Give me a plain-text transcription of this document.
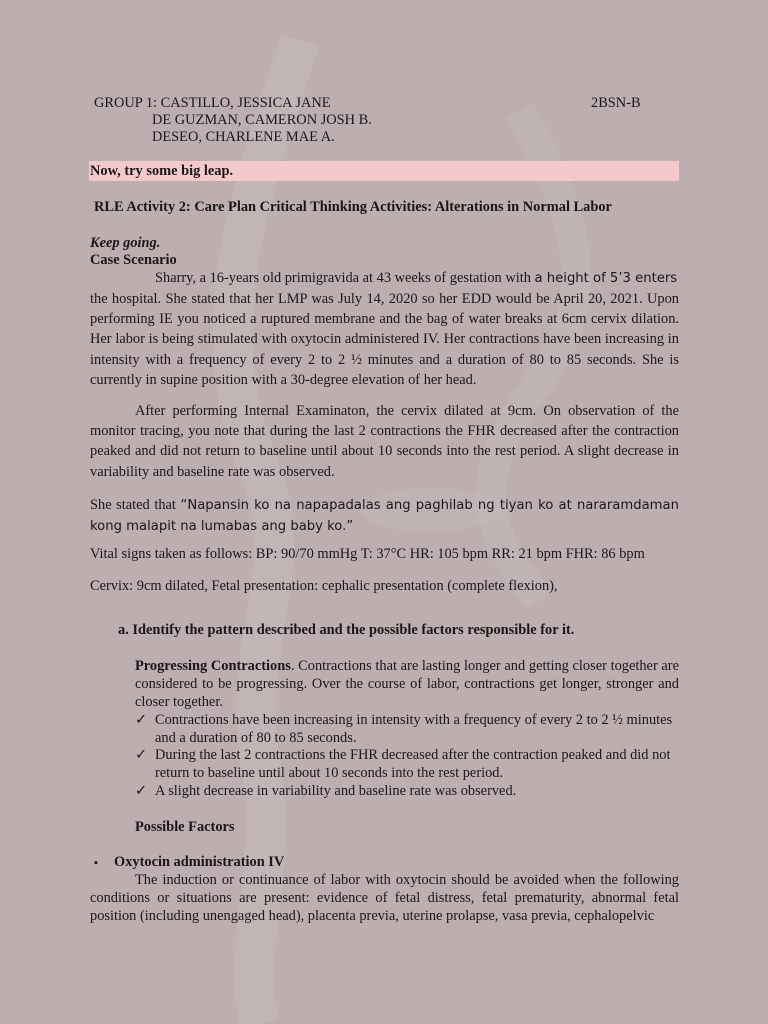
GROUP 1: CASTILLO, JESSICA JANE	2BSN-B
DE GUZMAN, CAMERON JOSH B.
DESEO, CHARLENE MAE A.
Now, try some big leap.
RLE Activity 2: Care Plan Critical Thinking Activities: Alterations in Normal Labor
Keep going.
Case Scenario
Sharry, a 16-years old primigravida at 43 weeks of gestation with a height of 5’3 enters
the hospital. She stated that her LMP was July 14, 2020 so her EDD would be April 20, 2021. Upon performing IE you noticed a ruptured membrane and the bag of water breaks at 6cm cervix dilation. Her labor is being stimulated with oxytocin administered IV. Her contractions have been increasing in intensity with a frequency of every 2 to 2 ½ minutes and a duration of 80 to 85 seconds. She is currently in supine position with a 30-degree elevation of her head.
After performing Internal Examinaton, the cervix dilated at 9cm. On observation of the monitor tracing, you note that during the last 2 contractions the FHR decreased after the contraction peaked and did not return to baseline until about 10 seconds into the rest period. A slight decrease in variability and baseline rate was observed.
She stated that “Napansin ko na napapadalas ang paghilab ng tiyan ko at nararamdaman kong malapit na lumabas ang baby ko.”
Vital signs taken as follows: BP: 90/70 mmHg T: 37°C HR: 105 bpm RR: 21 bpm FHR: 86 bpm
Cervix: 9cm dilated, Fetal presentation: cephalic presentation (complete flexion),
a. Identify the pattern described and the possible factors responsible for it.
Progressing Contractions. Contractions that are lasting longer and getting closer together are considered to be progressing. Over the course of labor, contractions get longer, stronger and closer together.
✓ Contractions have been increasing in intensity with a frequency of every 2 to 2 ½ minutes and a duration of 80 to 85 seconds.
✓ During the last 2 contractions the FHR decreased after the contraction peaked and did not return to baseline until about 10 seconds into the rest period.
✓ A slight decrease in variability and baseline rate was observed.
Possible Factors
▪ Oxytocin administration IV
The induction or continuance of labor with oxytocin should be avoided when the following conditions or situations are present: evidence of fetal distress, fetal prematurity, abnormal fetal position (including unengaged head), placenta previa, uterine prolapse, vasa previa, cephalopelvic
